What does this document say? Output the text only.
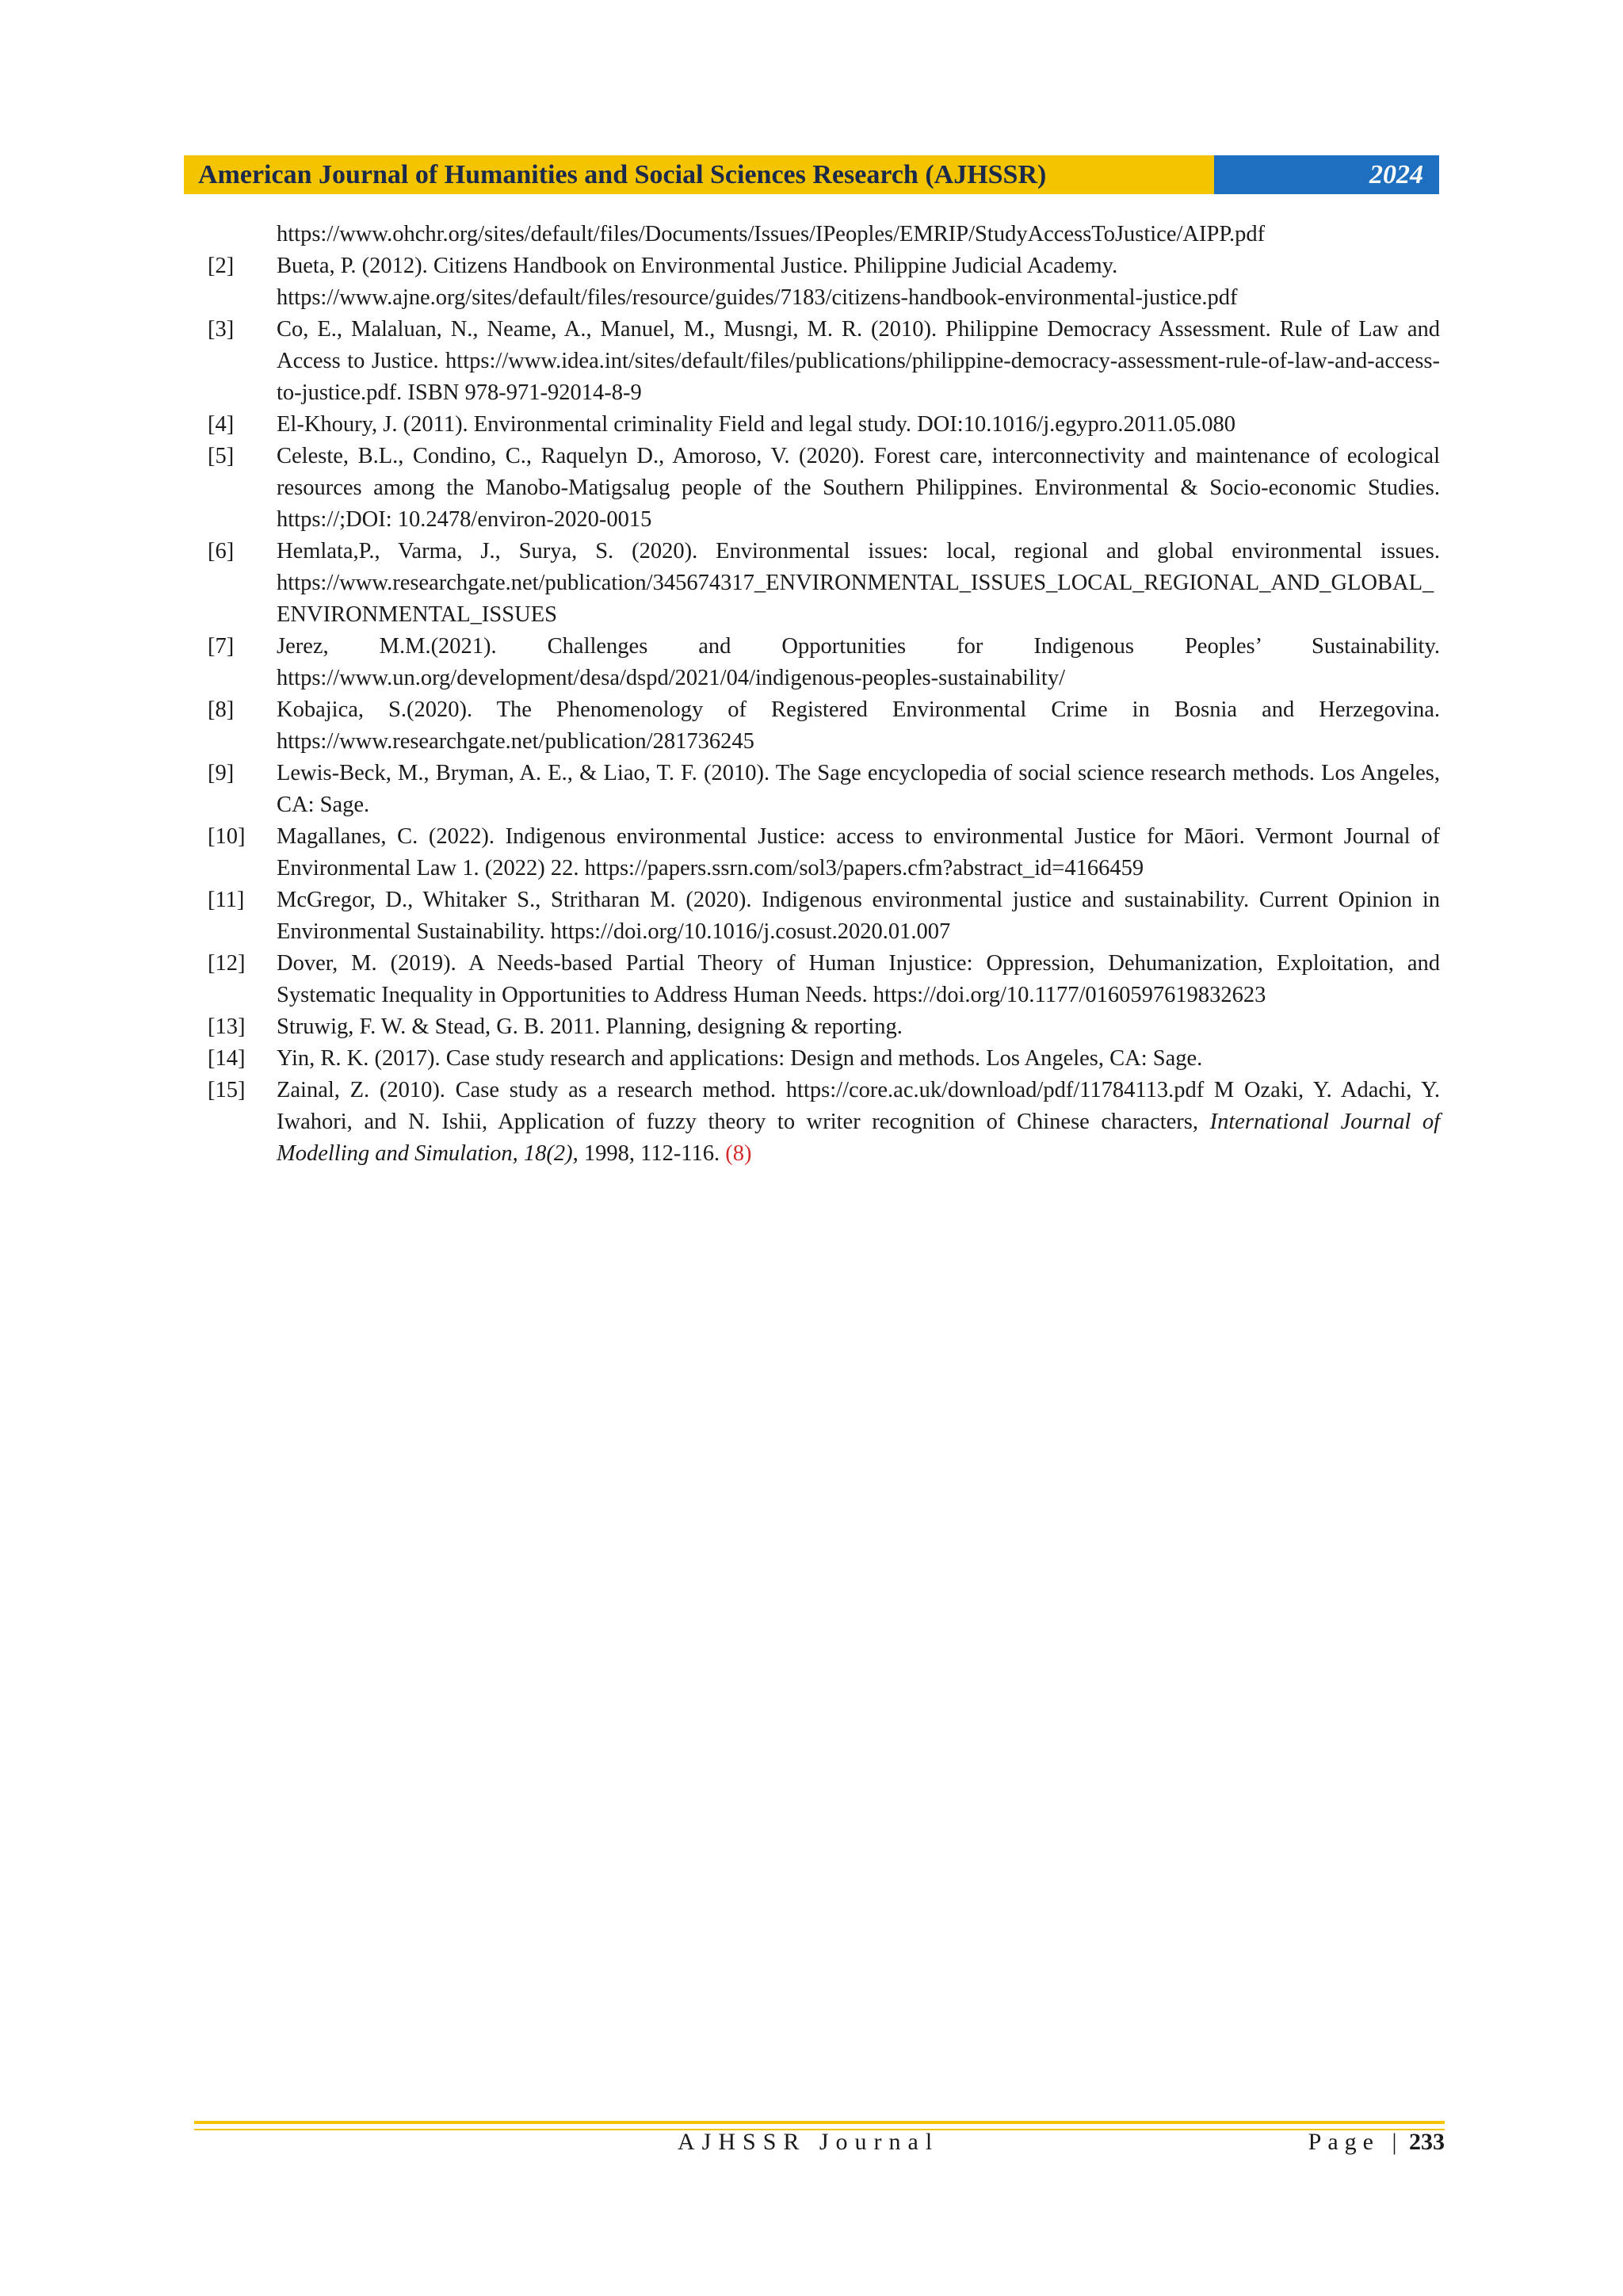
American Journal of Humanities and Social Sciences Research (AJHSSR)	2024
https://www.ohchr.org/sites/default/files/Documents/Issues/IPeoples/EMRIP/StudyAccessToJustice/AIPP.pdf
[2]	Bueta, P. (2012). Citizens Handbook on Environmental Justice. Philippine Judicial Academy. https://www.ajne.org/sites/default/files/resource/guides/7183/citizens-handbook-environmental-justice.pdf
[3]	Co, E., Malaluan, N., Neame, A., Manuel, M., Musngi, M. R. (2010). Philippine Democracy Assessment. Rule of Law and Access to Justice. https://www.idea.int/sites/default/files/publications/philippine-democracy-assessment-rule-of-law-and-access-to-justice.pdf. ISBN 978-971-92014-8-9
[4]	El-Khoury, J. (2011). Environmental criminality Field and legal study. DOI:10.1016/j.egypro.2011.05.080
[5]	Celeste, B.L., Condino, C., Raquelyn D., Amoroso, V. (2020). Forest care, interconnectivity and maintenance of ecological resources among the Manobo-Matigsalug people of the Southern Philippines. Environmental & Socio-economic Studies. https://;DOI: 10.2478/environ-2020-0015
[6]	Hemlata,P., Varma, J., Surya, S. (2020). Environmental issues: local, regional and global environmental issues. https://www.researchgate.net/publication/345674317_ENVIRONMENTAL_ISSUES_LOCAL_REGIONAL_AND_GLOBAL_ENVIRONMENTAL_ISSUES
[7]	Jerez, M.M.(2021). Challenges and Opportunities for Indigenous Peoples’ Sustainability. https://www.un.org/development/desa/dspd/2021/04/indigenous-peoples-sustainability/
[8]	Kobajica, S.(2020). The Phenomenology of Registered Environmental Crime in Bosnia and Herzegovina. https://www.researchgate.net/publication/281736245
[9]	Lewis-Beck, M., Bryman, A. E., & Liao, T. F. (2010). The Sage encyclopedia of social science research methods. Los Angeles, CA: Sage.
[10]	Magallanes, C. (2022). Indigenous environmental Justice: access to environmental Justice for Māori. Vermont Journal of Environmental Law 1. (2022) 22. https://papers.ssrn.com/sol3/papers.cfm?abstract_id=4166459
[11]	McGregor, D., Whitaker S., Stritharan M. (2020). Indigenous environmental justice and sustainability. Current Opinion in Environmental Sustainability. https://doi.org/10.1016/j.cosust.2020.01.007
[12]	Dover, M. (2019). A Needs-based Partial Theory of Human Injustice: Oppression, Dehumanization, Exploitation, and Systematic Inequality in Opportunities to Address Human Needs. https://doi.org/10.1177/0160597619832623
[13]	Struwig, F. W. & Stead, G. B. 2011. Planning, designing & reporting.
[14]	Yin, R. K. (2017). Case study research and applications: Design and methods. Los Angeles, CA: Sage.
[15]	Zainal, Z. (2010). Case study as a research method. https://core.ac.uk/download/pdf/11784113.pdf M Ozaki, Y. Adachi, Y. Iwahori, and N. Ishii, Application of fuzzy theory to writer recognition of Chinese characters, International Journal of Modelling and Simulation, 18(2), 1998, 112-116. (8)
AJHSSR Journal	Page | 233
